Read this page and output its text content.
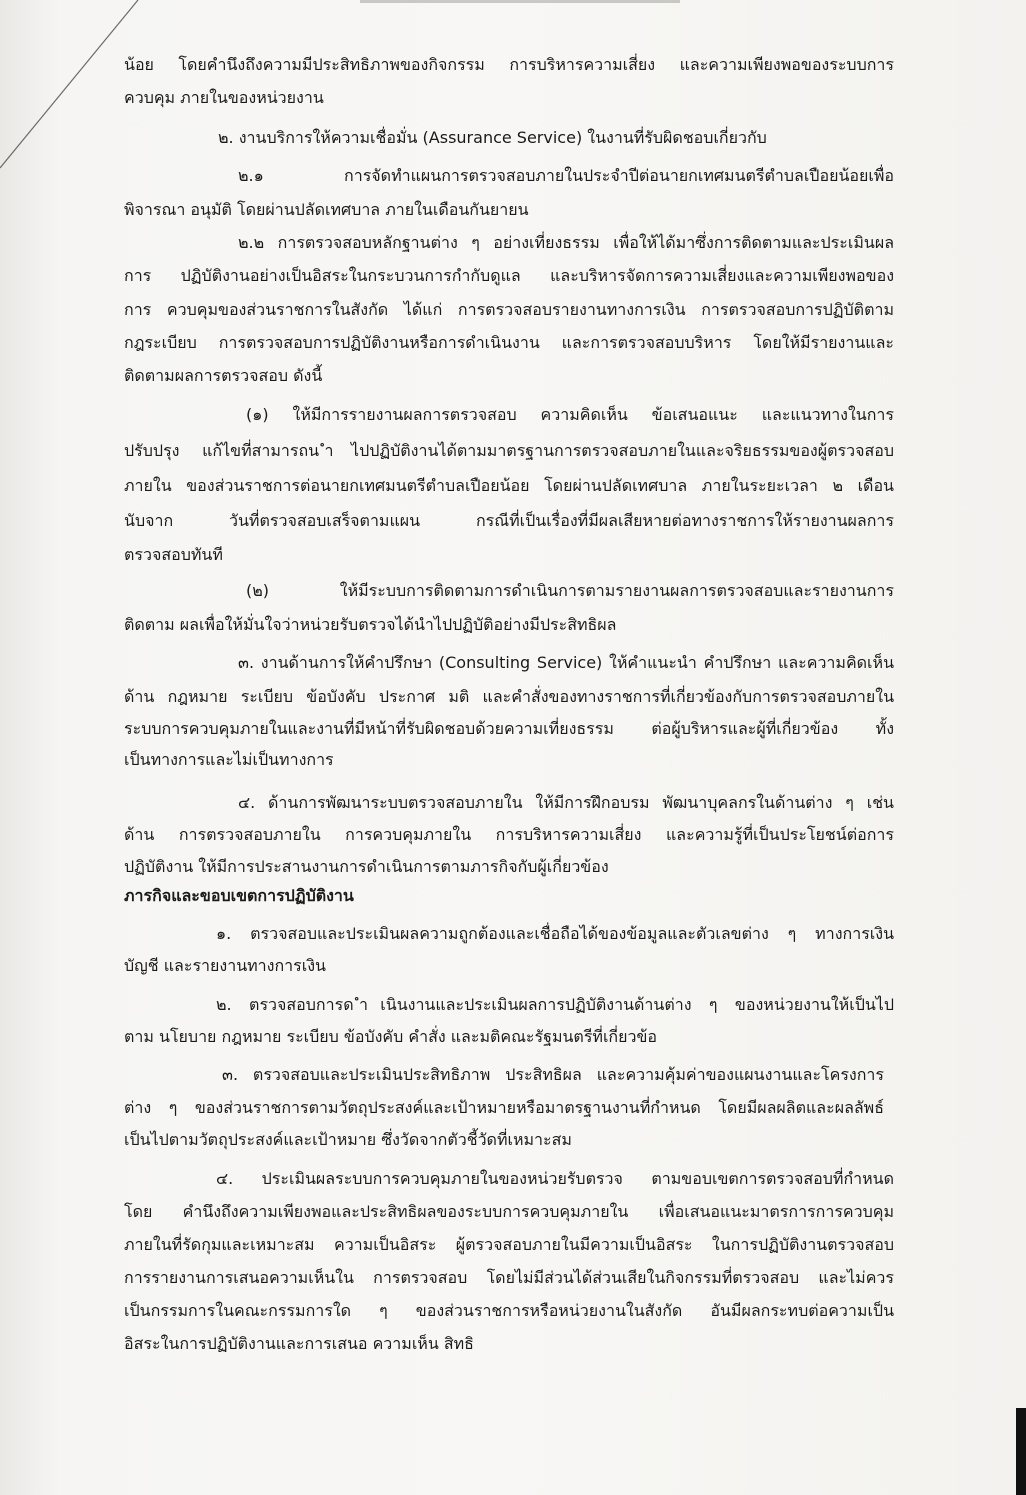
น้อย โดยคำนึงถึงความมีประสิทธิภาพของกิจกรรม การบริหารความเสี่ยง และความเพียงพอของระบบการ
ควบคุม ภายในของหน่วยงาน
๒. งานบริการให้ความเชื่อมั่น (Assurance Service) ในงานที่รับผิดชอบเกี่ยวกับ
๒.๑ การจัดทำแผนการตรวจสอบภายในประจำปีต่อนายกเทศมนตรีตำบลเปือยน้อยเพื่อ
พิจารณา อนุมัติ โดยผ่านปลัดเทศบาล ภายในเดือนกันยายน
๒.๒ การตรวจสอบหลักฐานต่าง ๆ อย่างเที่ยงธรรม เพื่อให้ได้มาซึ่งการติดตามและประเมินผล
การ ปฏิบัติงานอย่างเป็นอิสระในกระบวนการกำกับดูแล และบริหารจัดการความเสี่ยงและความเพียงพอของ
การ ควบคุมของส่วนราชการในสังกัด ได้แก่ การตรวจสอบรายงานทางการเงิน การตรวจสอบการปฏิบัติตาม
กฎระเบียบ การตรวจสอบการปฏิบัติงานหรือการดำเนินงาน และการตรวจสอบบริหาร โดยให้มีรายงานและ
ติดตามผลการตรวจสอบ ดังนี้
(๑) ให้มีการรายงานผลการตรวจสอบ ความคิดเห็น ข้อเสนอแนะ และแนวทางในการ
ปรับปรุง แก้ไขที่สามารถน ำไปปฏิบัติงานได้ตามมาตรฐานการตรวจสอบภายในและจริยธรรมของผู้ตรวจสอบ
ภายใน ของส่วนราชการต่อนายกเทศมนตรีตำบลเปือยน้อย โดยผ่านปลัดเทศบาล ภายในระยะเวลา ๒ เดือน
นับจาก วันที่ตรวจสอบเสร็จตามแผน กรณีที่เป็นเรื่องที่มีผลเสียหายต่อทางราชการให้รายงานผลการ
ตรวจสอบทันที
(๒) ให้มีระบบการติดตามการดำเนินการตามรายงานผลการตรวจสอบและรายงานการ
ติดตาม ผลเพื่อให้มั่นใจว่าหน่วยรับตรวจได้นำไปปฏิบัติอย่างมีประสิทธิผล
๓. งานด้านการให้คำปรึกษา (Consulting Service) ให้คำแนะนำ คำปรึกษา และความคิดเห็น
ด้าน กฎหมาย ระเบียบ ข้อบังคับ ประกาศ มติ และคำสั่งของทางราชการที่เกี่ยวข้องกับการตรวจสอบภายใน
ระบบการควบคุมภายในและงานที่มีหน้าที่รับผิดชอบด้วยความเที่ยงธรรม ต่อผู้บริหารและผู้ที่เกี่ยวข้อง ทั้ง
เป็นทางการและไม่เป็นทางการ
๔. ด้านการพัฒนาระบบตรวจสอบภายใน ให้มีการฝึกอบรม พัฒนาบุคลกรในด้านต่าง ๆ เช่น
ด้าน การตรวจสอบภายใน การควบคุมภายใน การบริหารความเสี่ยง และความรู้ที่เป็นประโยชน์ต่อการ
ปฏิบัติงาน ให้มีการประสานงานการดำเนินการตามภารกิจกับผู้เกี่ยวข้อง
ภารกิจและขอบเขตการปฏิบัติงาน
๑. ตรวจสอบและประเมินผลความถูกต้องและเชื่อถือได้ของข้อมูลและตัวเลขต่าง ๆ ทางการเงิน
บัญชี และรายงานทางการเงิน
๒. ตรวจสอบการด ำเนินงานและประเมินผลการปฏิบัติงานด้านต่าง ๆ ของหน่วยงานให้เป็นไป
ตาม นโยบาย กฎหมาย ระเบียบ ข้อบังคับ คำสั่ง และมติคณะรัฐมนตรีที่เกี่ยวข้อ
๓. ตรวจสอบและประเมินประสิทธิภาพ ประสิทธิผล และความคุ้มค่าของแผนงานและโครงการ
ต่าง ๆ ของส่วนราชการตามวัตถุประสงค์และเป้าหมายหรือมาตรฐานงานที่กำหนด โดยมีผลผลิตและผลลัพธ์
เป็นไปตามวัตถุประสงค์และเป้าหมาย ซึ่งวัดจากตัวชี้วัดที่เหมาะสม
๔. ประเมินผลระบบการควบคุมภายในของหน่วยรับตรวจ ตามขอบเขตการตรวจสอบที่กำหนด
โดย คำนึงถึงความเพียงพอและประสิทธิผลของระบบการควบคุมภายใน เพื่อเสนอแนะมาตรการการควบคุม
ภายในที่รัดกุมและเหมาะสม ความเป็นอิสระ ผู้ตรวจสอบภายในมีความเป็นอิสระ ในการปฏิบัติงานตรวจสอบ
การรายงานการเสนอความเห็นใน การตรวจสอบ โดยไม่มีส่วนได้ส่วนเสียในกิจกรรมที่ตรวจสอบ และไม่ควร
เป็นกรรมการในคณะกรรมการใด ๆ ของส่วนราชการหรือหน่วยงานในสังกัด อันมีผลกระทบต่อความเป็น
อิสระในการปฏิบัติงานและการเสนอ ความเห็น สิทธิ
